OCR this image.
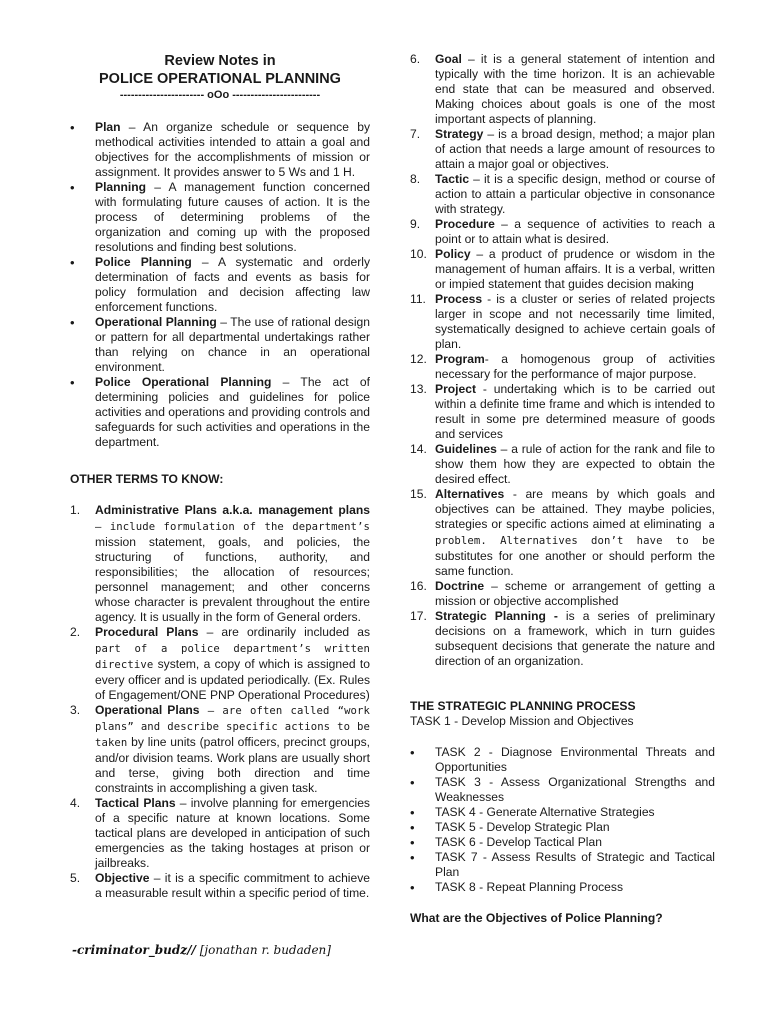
Review Notes in
POLICE OPERATIONAL PLANNING
----------------------- oOo ------------------------
• Plan – An organize schedule or sequence by methodical activities intended to attain a goal and objectives for the accomplishments of mission or assignment. It provides answer to 5 Ws and 1 H.
• Planning – A management function concerned with formulating future causes of action. It is the process of determining problems of the organization and coming up with the proposed resolutions and finding best solutions.
• Police Planning – A systematic and orderly determination of facts and events as basis for policy formulation and decision affecting law enforcement functions.
• Operational Planning – The use of rational design or pattern for all departmental undertakings rather than relying on chance in an operational environment.
• Police Operational Planning – The act of determining policies and guidelines for police activities and operations and providing controls and safeguards for such activities and operations in the department.
OTHER TERMS TO KNOW:
1. Administrative Plans a.k.a. management plans – include formulation of the department’s mission statement, goals, and policies, the structuring of functions, authority, and responsibilities; the allocation of resources; personnel management; and other concerns whose character is prevalent throughout the entire agency. It is usually in the form of General orders.
2. Procedural Plans – are ordinarily included as part of a police department’s written directive system, a copy of which is assigned to every officer and is updated periodically. (Ex. Rules of Engagement/ONE PNP Operational Procedures)
3. Operational Plans – are often called “work plans” and describe specific actions to be taken by line units (patrol officers, precinct groups, and/or division teams. Work plans are usually short and terse, giving both direction and time constraints in accomplishing a given task.
4. Tactical Plans – involve planning for emergencies of a specific nature at known locations. Some tactical plans are developed in anticipation of such emergencies as the taking hostages at prison or jailbreaks.
5. Objective – it is a specific commitment to achieve a measurable result within a specific period of time.
6. Goal – it is a general statement of intention and typically with the time horizon. It is an achievable end state that can be measured and observed. Making choices about goals is one of the most important aspects of planning.
7. Strategy – is a broad design, method; a major plan of action that needs a large amount of resources to attain a major goal or objectives.
8. Tactic – it is a specific design, method or course of action to attain a particular objective in consonance with strategy.
9. Procedure – a sequence of activities to reach a point or to attain what is desired.
10. Policy – a product of prudence or wisdom in the management of human affairs. It is a verbal, written or impied statement that guides decision making
11. Process - is a cluster or series of related projects larger in scope and not necessarily time limited, systematically designed to achieve certain goals of plan.
12. Program- a homogenous group of activities necessary for the performance of major purpose.
13. Project - undertaking which is to be carried out within a definite time frame and which is intended to result in some pre determined measure of goods and services
14. Guidelines – a rule of action for the rank and file to show them how they are expected to obtain the desired effect.
15. Alternatives - are means by which goals and objectives can be attained. They maybe policies, strategies or specific actions aimed at eliminating a problem. Alternatives don’t have to be substitutes for one another or should perform the same function.
16. Doctrine – scheme or arrangement of getting a mission or objective accomplished
17. Strategic Planning - is a series of preliminary decisions on a framework, which in turn guides subsequent decisions that generate the nature and direction of an organization.
THE STRATEGIC PLANNING PROCESS
TASK 1 - Develop Mission and Objectives
• TASK 2 - Diagnose Environmental Threats and Opportunities
• TASK 3 - Assess Organizational Strengths and Weaknesses
• TASK 4 - Generate Alternative Strategies
• TASK 5 - Develop Strategic Plan
• TASK 6 - Develop Tactical Plan
• TASK 7 - Assess Results of Strategic and Tactical Plan
• TASK 8 - Repeat Planning Process
What are the Objectives of Police Planning?
-criminator_budz// [jonathan r. budaden]
